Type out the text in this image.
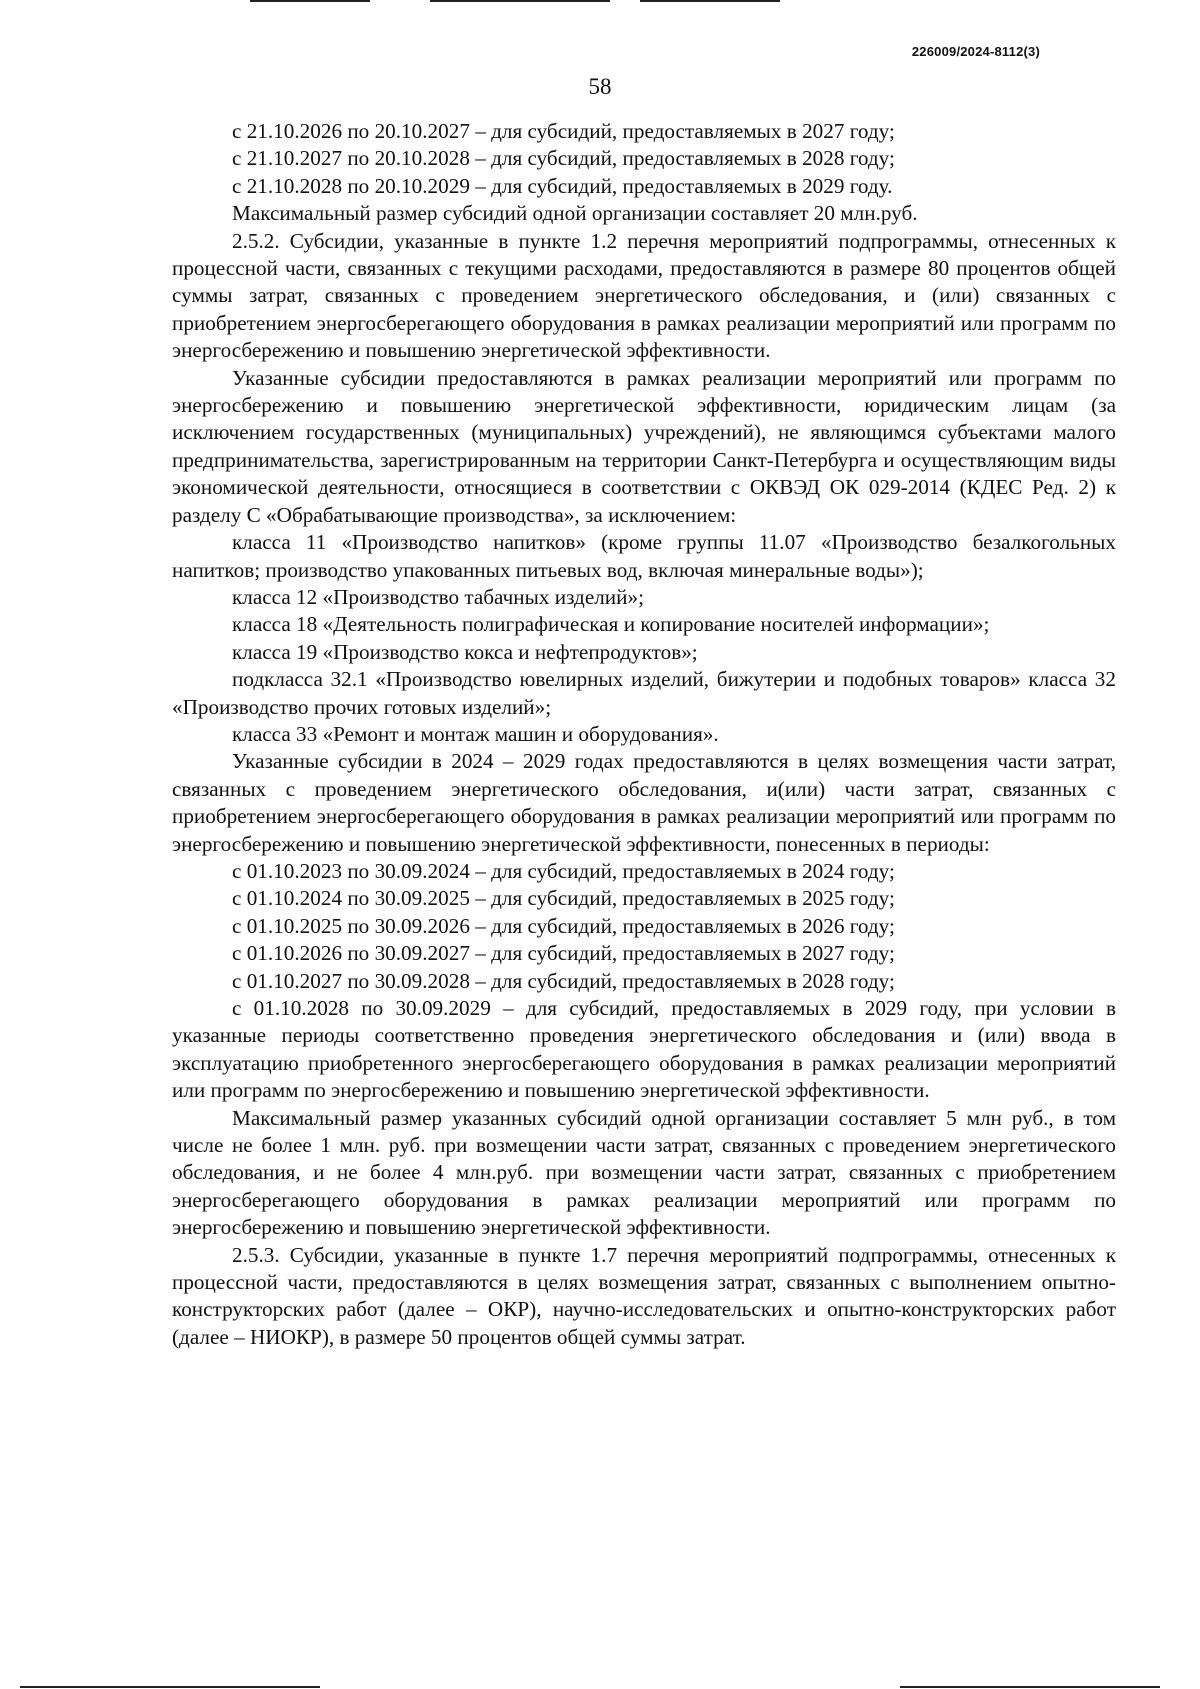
226009/2024-8112(3)
58

с 21.10.2026 по 20.10.2027 – для субсидий, предоставляемых в 2027 году;

с 21.10.2027 по 20.10.2028 – для субсидий, предоставляемых в 2028 году;

с 21.10.2028 по 20.10.2029 – для субсидий, предоставляемых в 2029 году.

Максимальный размер субсидий одной организации составляет 20 млн.руб.

2.5.2. Субсидии, указанные в пункте 1.2 перечня мероприятий подпрограммы, отнесенных к процессной части, связанных с текущими расходами, предоставляются в размере 80 процентов общей суммы затрат, связанных с проведением энергетического обследования, и (или) связанных с приобретением энергосберегающего оборудования в рамках реализации мероприятий или программ по энергосбережению и повышению энергетической эффективности.

Указанные субсидии предоставляются в рамках реализации мероприятий или программ по энергосбережению и повышению энергетической эффективности, юридическим лицам (за исключением государственных (муниципальных) учреждений), не являющимся субъектами малого предпринимательства, зарегистрированным на территории Санкт-Петербурга и осуществляющим виды экономической деятельности, относящиеся в соответствии с ОКВЭД ОК 029-2014 (КДЕС Ред. 2) к разделу С «Обрабатывающие производства», за исключением:

класса 11 «Производство напитков» (кроме группы 11.07 «Производство безалкогольных напитков; производство упакованных питьевых вод, включая минеральные воды»);

класса 12 «Производство табачных изделий»;

класса 18 «Деятельность полиграфическая и копирование носителей информации»;

класса 19 «Производство кокса и нефтепродуктов»;

подкласса 32.1 «Производство ювелирных изделий, бижутерии и подобных товаров» класса 32 «Производство прочих готовых изделий»;

класса 33 «Ремонт и монтаж машин и оборудования».

Указанные субсидии в 2024 – 2029 годах предоставляются в целях возмещения части затрат, связанных с проведением энергетического обследования, и(или) части затрат, связанных с приобретением энергосберегающего оборудования в рамках реализации мероприятий или программ по энергосбережению и повышению энергетической эффективности, понесенных в периоды:

с 01.10.2023 по 30.09.2024 – для субсидий, предоставляемых в 2024 году;

с 01.10.2024 по 30.09.2025 – для субсидий, предоставляемых в 2025 году;

с 01.10.2025 по 30.09.2026 – для субсидий, предоставляемых в 2026 году;

с 01.10.2026 по 30.09.2027 – для субсидий, предоставляемых в 2027 году;

с 01.10.2027 по 30.09.2028 – для субсидий, предоставляемых в 2028 году;

с 01.10.2028 по 30.09.2029 – для субсидий, предоставляемых в 2029 году, при условии в указанные периоды соответственно проведения энергетического обследования и (или) ввода в эксплуатацию приобретенного энергосберегающего оборудования в рамках реализации мероприятий или программ по энергосбережению и повышению энергетической эффективности.

Максимальный размер указанных субсидий одной организации составляет 5 млн руб., в том числе не более 1 млн. руб. при возмещении части затрат, связанных с проведением энергетического обследования, и не более 4 млн.руб. при возмещении части затрат, связанных с приобретением энергосберегающего оборудования в рамках реализации мероприятий или программ по энергосбережению и повышению энергетической эффективности.

2.5.3. Субсидии, указанные в пункте 1.7 перечня мероприятий подпрограммы, отнесенных к процессной части, предоставляются в целях возмещения затрат, связанных с выполнением опытно-конструкторских работ (далее – ОКР), научно-исследовательских и опытно-конструкторских работ (далее – НИОКР), в размере 50 процентов общей суммы затрат.
